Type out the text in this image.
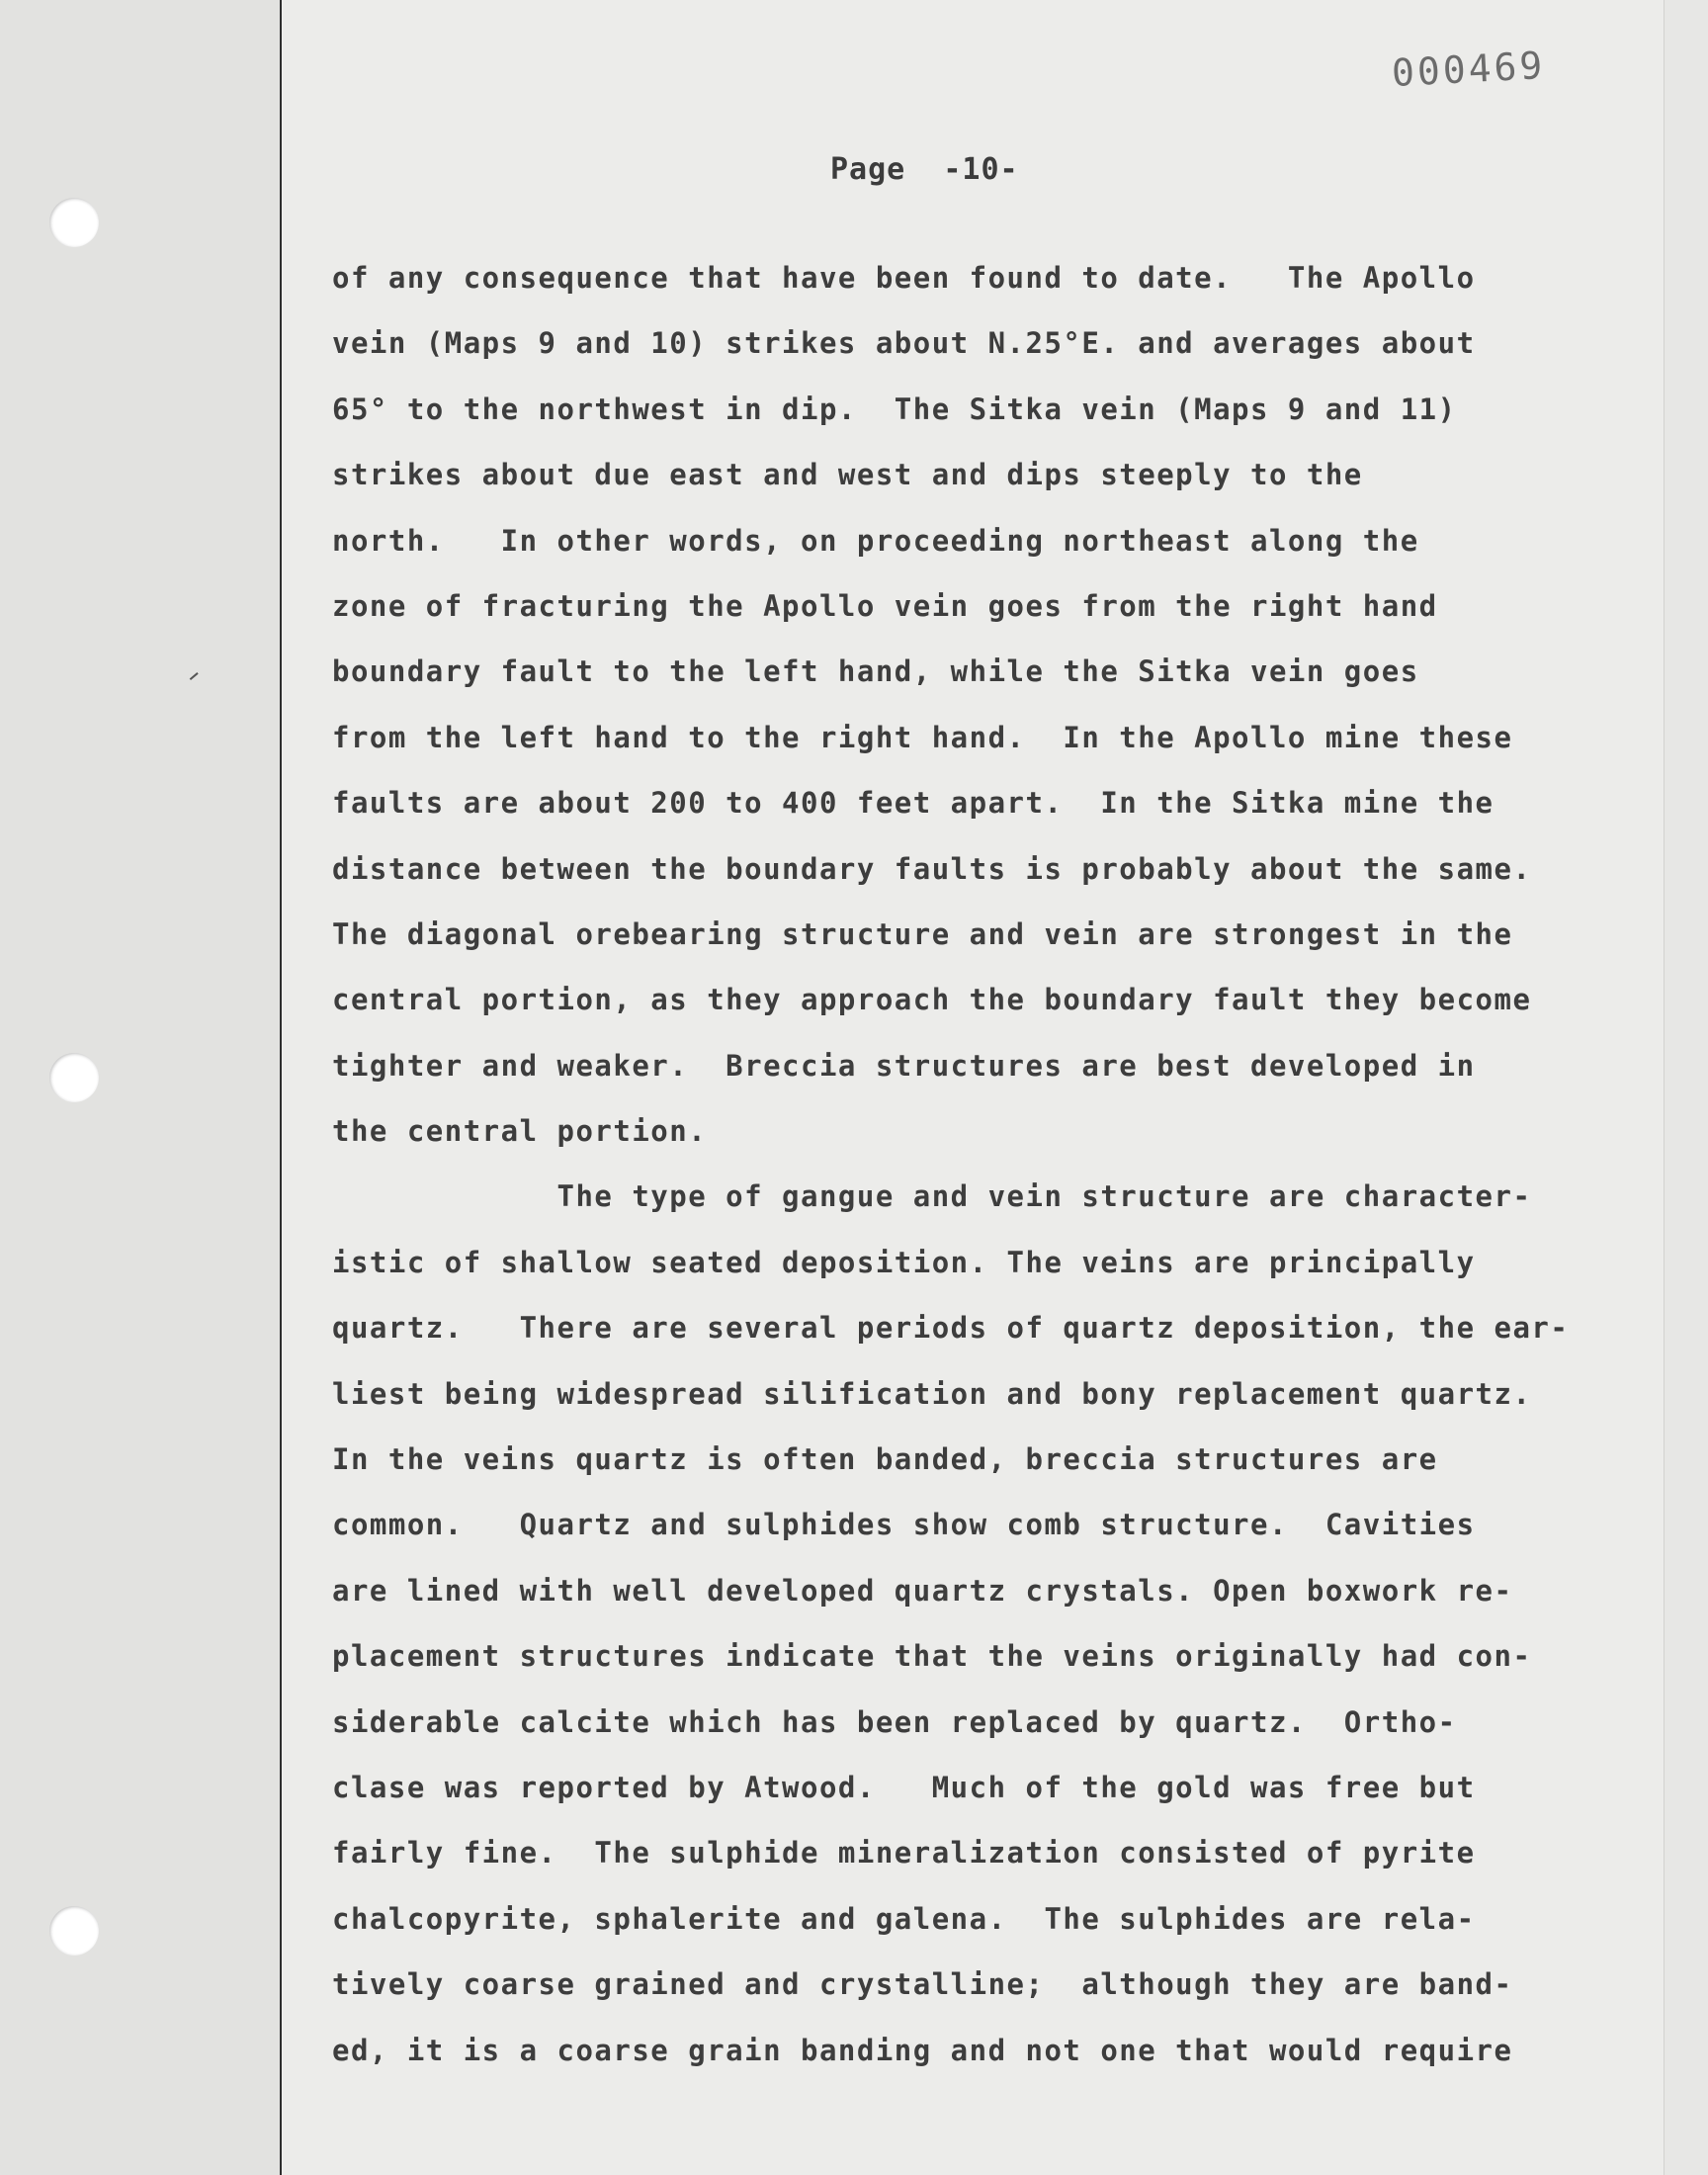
000469
Page  -10-
of any consequence that have been found to date.   The Apollo
vein (Maps 9 and 10) strikes about N.25°E. and averages about
65° to the northwest in dip.  The Sitka vein (Maps 9 and 11)
strikes about due east and west and dips steeply to the
north.   In other words, on proceeding northeast along the
zone of fracturing the Apollo vein goes from the right hand
boundary fault to the left hand, while the Sitka vein goes
from the left hand to the right hand.  In the Apollo mine these
faults are about 200 to 400 feet apart.  In the Sitka mine the
distance between the boundary faults is probably about the same.
The diagonal orebearing structure and vein are strongest in the
central portion, as they approach the boundary fault they become
tighter and weaker.  Breccia structures are best developed in
the central portion.
The type of gangue and vein structure are character-
istic of shallow seated deposition. The veins are principally
quartz.   There are several periods of quartz deposition, the ear-
liest being widespread silification and bony replacement quartz.
In the veins quartz is often banded, breccia structures are
common.   Quartz and sulphides show comb structure.  Cavities
are lined with well developed quartz crystals. Open boxwork re-
placement structures indicate that the veins originally had con-
siderable calcite which has been replaced by quartz.  Ortho-
clase was reported by Atwood.   Much of the gold was free but
fairly fine.  The sulphide mineralization consisted of pyrite
chalcopyrite, sphalerite and galena.  The sulphides are rela-
tively coarse grained and crystalline;  although they are band-
ed, it is a coarse grain banding and not one that would require
